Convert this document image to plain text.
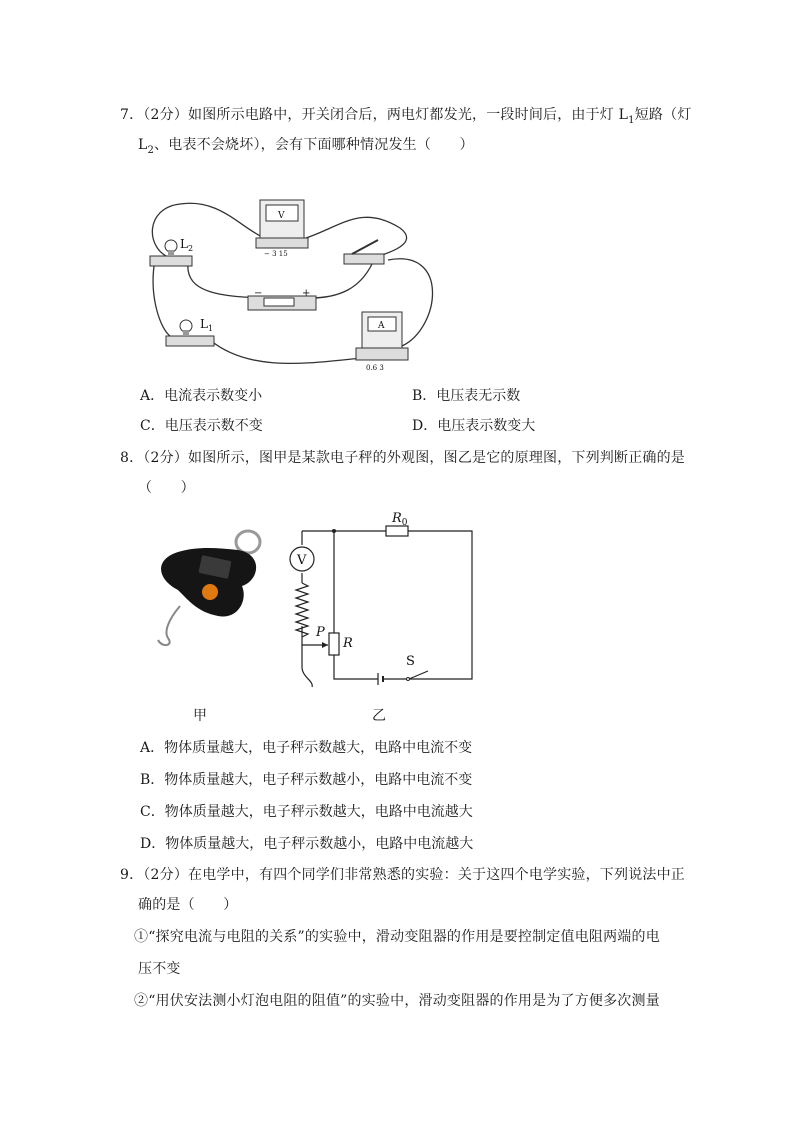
7．（2分）如图所示电路中，开关闭合后，两电灯都发光，一段时间后，由于灯 $L_1$短路（灯
$L_2$、电表不会烧坏），会有下面哪种情况发生（　　）
$L_2$
V
− 3 15
−	+
$L_1$	A
0.6 3
A．电流表示数变小	B．电压表无示数
C．电压表示数不变	D．电压表示数变大
8．（2分）如图所示，图甲是某款电子秤的外观图，图乙是它的原理图，下列判断正确的是
（　　）
甲
V
$R_0$
R
P
S
乙
A．物体质量越大，电子秤示数越大，电路中电流不变
B．物体质量越大，电子秤示数越小，电路中电流不变
C．物体质量越大，电子秤示数越大，电路中电流越大
D．物体质量越大，电子秤示数越小，电路中电流越大
9．（2分）在电学中，有四个同学们非常熟悉的实验：关于这四个电学实验，下列说法中正
确的是（　　）
①“探究电流与电阻的关系”的实验中，滑动变阻器的作用是要控制定值电阻两端的电
压不变
②“用伏安法测小灯泡电阻的阻值”的实验中，滑动变阻器的作用是为了方便多次测量
